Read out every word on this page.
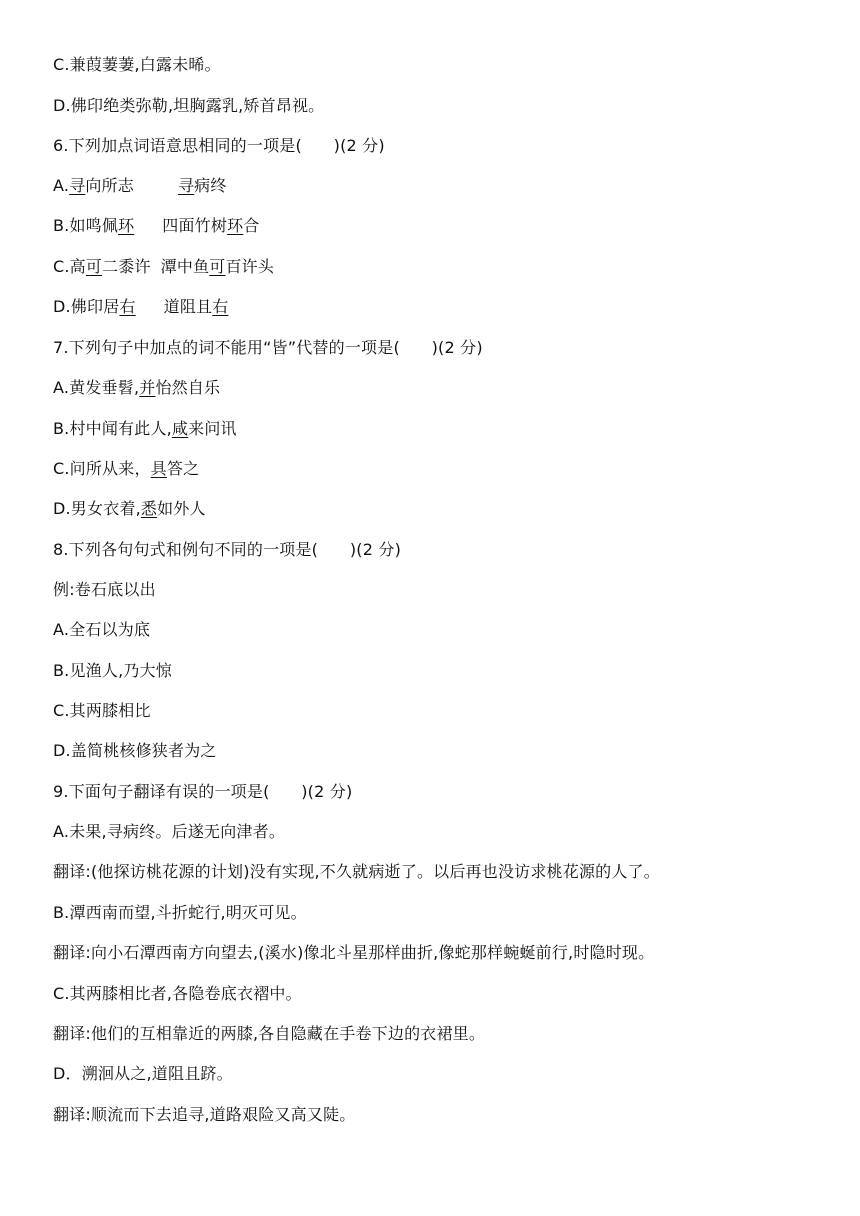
C.兼葭萋萋,白露未晞。
D.佛印绝类弥勒,坦胸露乳,矫首昂视。
6.下列加点词语意思相同的一项是(      )(2 分)
A.寻向所志	寻病终
B.如鸣佩环 四面竹树环合
C.高可二黍许 潭中鱼可百许头
D.佛印居右 道阻且右
7.下列句子中加点的词不能用“皆”代替的一项是(      )(2 分)
A.黄发垂髫,并怡然自乐
B.村中闻有此人,咸来问讯
C.问所从来，具答之
D.男女衣着,悉如外人
8.下列各句句式和例句不同的一项是(      )(2 分)
例:卷石底以出
A.全石以为底
B.见渔人,乃大惊
C.其两膝相比
D.盖简桃核修狭者为之
9.下面句子翻译有误的一项是(      )(2 分)
A.未果,寻病终。后遂无向津者。
翻译:(他探访桃花源的计划)没有实现,不久就病逝了。以后再也没访求桃花源的人了。
B.潭西南而望,斗折蛇行,明灭可见。
翻译:向小石潭西南方向望去,(溪水)像北斗星那样曲折,像蛇那样蜿蜒前行,时隐时现。
C.其两膝相比者,各隐卷底衣褶中。
翻译:他们的互相靠近的两膝,各自隐藏在手卷下边的衣裙里。
D．溯洄从之,道阻且跻。
翻译:顺流而下去追寻,道路艰险又高又陡。
